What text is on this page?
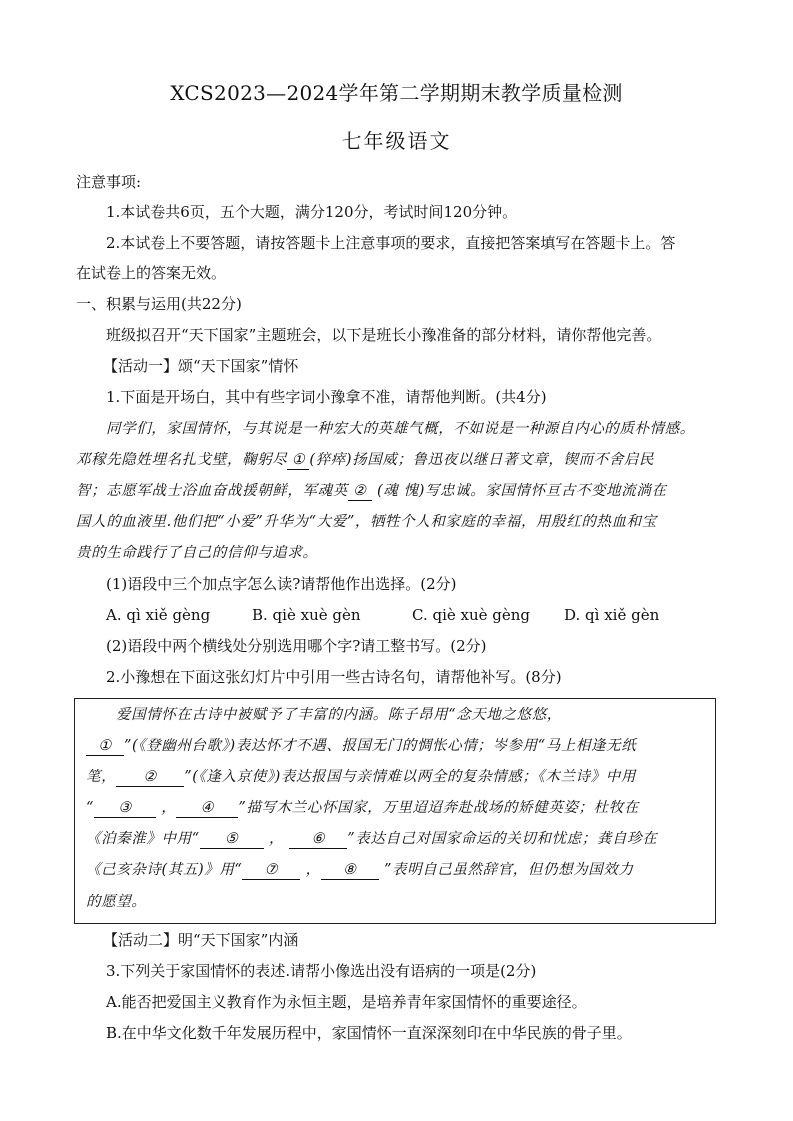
XCS2023—2024学年第二学期期末教学质量检测
七年级语文
注意事项:
1.本试卷共6页，五个大题，满分120分，考试时间120分钟。
2.本试卷上不要答题，请按答题卡上注意事项的要求，直接把答案填写在答题卡上。答
在试卷上的答案无效。
一、积累与运用(共22分)
班级拟召开“天下国家”主题班会，以下是班长小豫准备的部分材料，请你帮他完善。
【活动一】颂“天下国家”情怀
1.下面是开场白，其中有些字词小豫拿不准，请帮他判断。(共4分)
同学们，家国情怀，与其说是一种宏大的英雄气概，不如说是一种源自内心的质朴情感。
邓稼先隐姓埋名扎戈壁，鞠躬尽 ① (猝瘁)扬国威；鲁迅夜以继日著文章，锲而不舍启民
智；志愿军战士浴血奋战援朝鲜，军魂英 ② (魂 愧)写忠诚。家国情怀亘古不变地流淌在
国人的血液里.他们把“小爱”升华为“大爱”，牺牲个人和家庭的幸福，用殷红的热血和宝
贵的生命践行了自己的信仰与追求。
(1)语段中三个加点字怎么读?请帮他作出选择。(2分)
A. qì xiě gèng	B. qiè xuè gèn	C. qiè xuè gèng D. qì xiě gèn
(2)语段中两个横线处分别选用哪个字?请工整书写。(2分)
2.小豫想在下面这张幻灯片中引用一些古诗名句，请帮他补写。(8分)
爱国情怀在古诗中被赋予了丰富的内涵。陈子昂用“念天地之悠悠，
① ”(《登幽州台歌》)表达怀才不遇、报国无门的惆怅心情；岑参用“马上相逢无纸
笔， ② ”(《逢入京使》)表达报国与亲情难以两全的复杂情感；《木兰诗》中用
“ ③ ， ④ ”描写木兰心怀国家，万里迢迢奔赴战场的矫健英姿；杜牧在
《泊秦淮》中用“ ⑤ ， ⑥ ”表达自己对国家命运的关切和忧虑；龚自珍在
《己亥杂诗(其五)》用“ ⑦ ， ⑧ ”表明自己虽然辞官，但仍想为国效力
的愿望。
【活动二】明“天下国家”内涵
3.下列关于家国情怀的表述.请帮小像选出没有语病的一项是(2分)
A.能否把爱国主义教育作为永恒主题，是培养青年家国情怀的重要途径。
B.在中华文化数千年发展历程中，家国情怀一直深深刻印在中华民族的骨子里。
